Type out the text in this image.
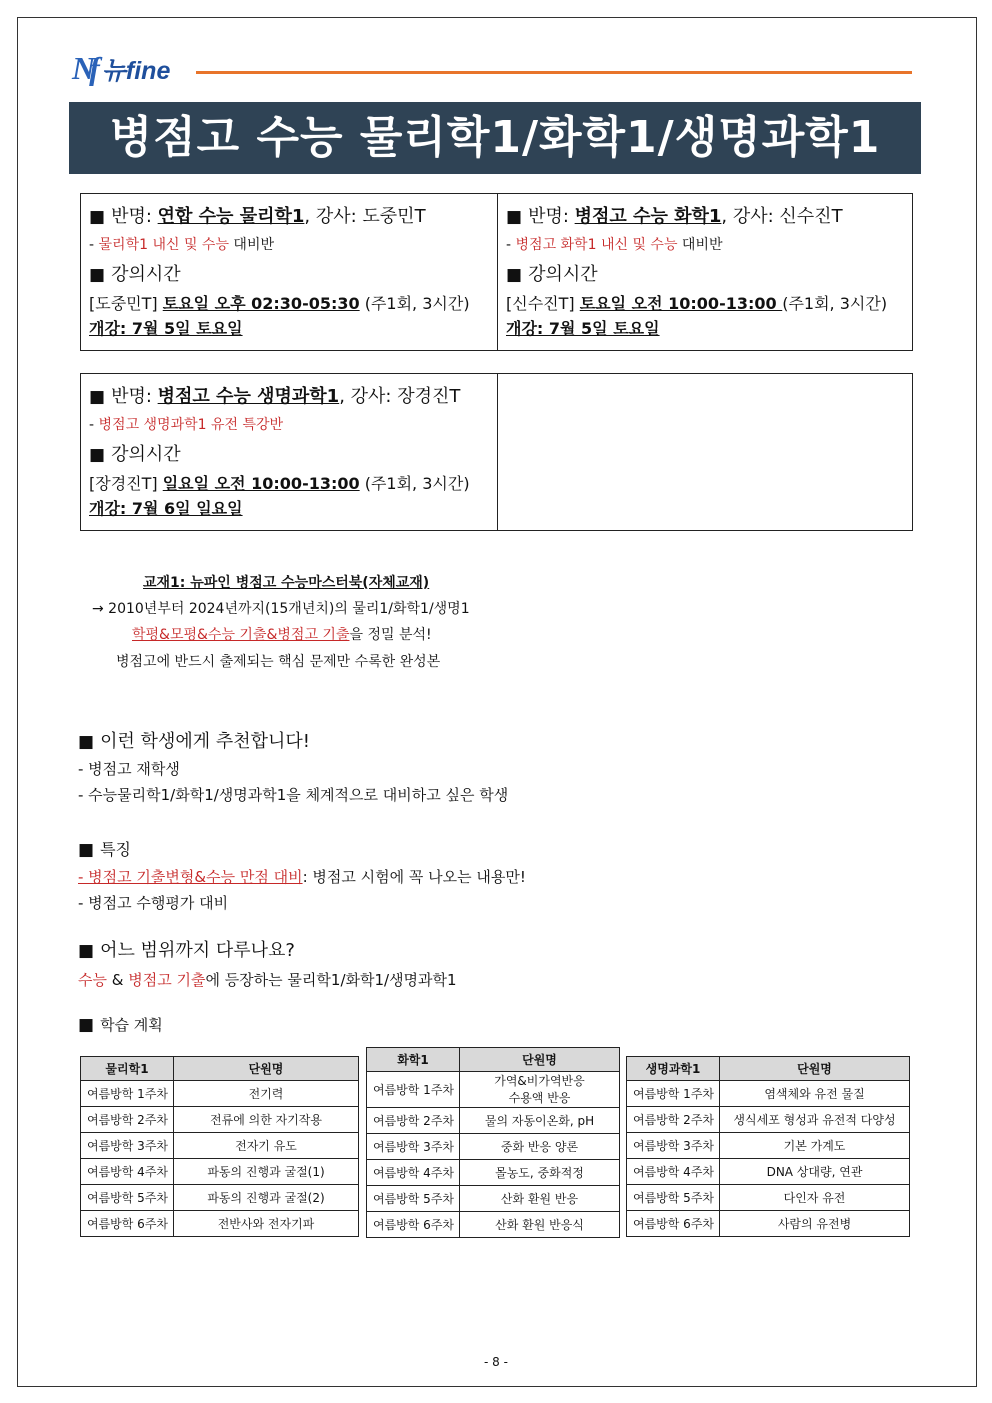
Nf 뉴fine
병점고 수능 물리학1/화학1/생명과학1
■ 반명: 연합 수능 물리학1, 강사: 도중민T
- 물리학1 내신 및 수능 대비반
■ 강의시간
[도중민T] 토요일 오후 02:30-05:30 (주1회, 3시간)
개강: 7월 5일 토요일
■ 반명: 병점고 수능 화학1, 강사: 신수진T
- 병점고 화학1 내신 및 수능 대비반
■ 강의시간
[신수진T] 토요일 오전 10:00-13:00 (주1회, 3시간)
개강: 7월 5일 토요일
■ 반명: 병점고 수능 생명과학1, 강사: 장경진T
- 병점고 생명과학1 유전 특강반
■ 강의시간
[장경진T] 일요일 오전 10:00-13:00 (주1회, 3시간)
개강: 7월 6일 일요일
교재1: 뉴파인 병점고 수능마스터북(자체교재)
→ 2010년부터 2024년까지(15개년치)의 물리1/화학1/생명1
학평&모평&수능 기출&병점고 기출을 정밀 분석!
병점고에 반드시 출제되는 핵심 문제만 수록한 완성본
■ 이런 학생에게 추천합니다!
- 병점고 재학생
- 수능물리학1/화학1/생명과학1을 체계적으로 대비하고 싶은 학생
■ 특징
- 병점고 기출변형&수능 만점 대비: 병점고 시험에 꼭 나오는 내용만!
- 병점고 수행평가 대비
■ 어느 범위까지 다루나요?
수능 & 병점고 기출에 등장하는 물리학1/화학1/생명과학1
■ 학습 계획
물리학1	단원명
여름방학 1주차	전기력
여름방학 2주차	전류에 의한 자기작용
여름방학 3주차	전자기 유도
여름방학 4주차	파동의 진행과 굴절(1)
여름방학 5주차	파동의 진행과 굴절(2)
여름방학 6주차	전반사와 전자기파
화학1	단원명
여름방학 1주차	가역&비가역반응
수용액 반응
여름방학 2주차	물의 자동이온화, pH
여름방학 3주차	중화 반응 양론
여름방학 4주차	몰농도, 중화적정
여름방학 5주차	산화 환원 반응
여름방학 6주차	산화 환원 반응식
생명과학1	단원명
여름방학 1주차	염색체와 유전 물질
여름방학 2주차	생식세포 형성과 유전적 다양성
여름방학 3주차	기본 가계도
여름방학 4주차	DNA 상대량, 연관
여름방학 5주차	다인자 유전
여름방학 6주차	사람의 유전병
- 8 -
